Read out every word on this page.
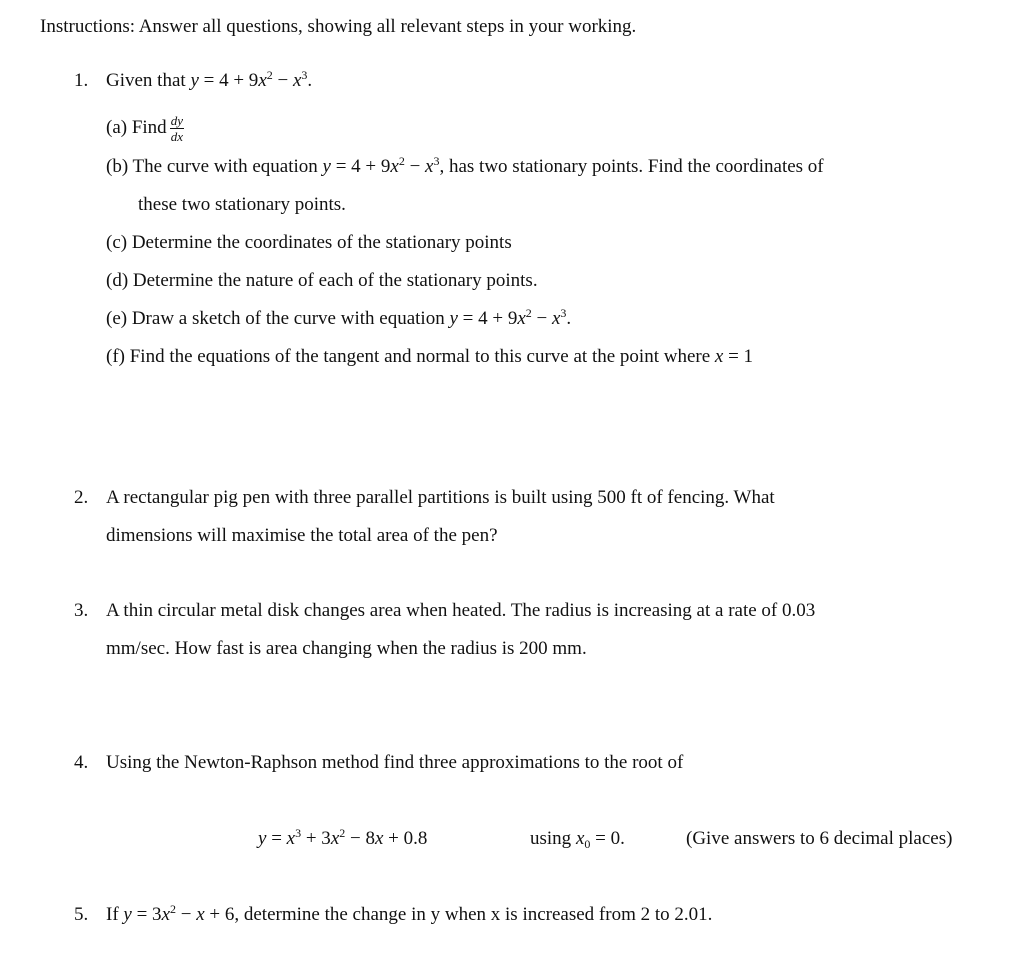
Instructions: Answer all questions, showing all relevant steps in your working.
1. Given that $y = 4 + 9x^2 - x^3$.
(a) Find $\frac{dy}{dx}$
(b) The curve with equation $y = 4 + 9x^2 - x^3$, has two stationary points. Find the coordinates of
these two stationary points.
(c) Determine the coordinates of the stationary points
(d) Determine the nature of each of the stationary points.
(e) Draw a sketch of the curve with equation $y = 4 + 9x^2 - x^3$.
(f) Find the equations of the tangent and normal to this curve at the point where x = 1
2. A rectangular pig pen with three parallel partitions is built using 500 ft of fencing. What
dimensions will maximise the total area of the pen?
3. A thin circular metal disk changes area when heated. The radius is increasing at a rate of 0.03
mm/sec. How fast is area changing when the radius is 200 mm.
4. Using the Newton-Raphson method find three approximations to the root of
$y = x^3 + 3x^2 - 8x + 0.8$	using $x_0 = 0$.	(Give answers to 6 decimal places)
5. If $y = 3x^2 - x + 6$, determine the change in y when x is increased from 2 to 2.01.
